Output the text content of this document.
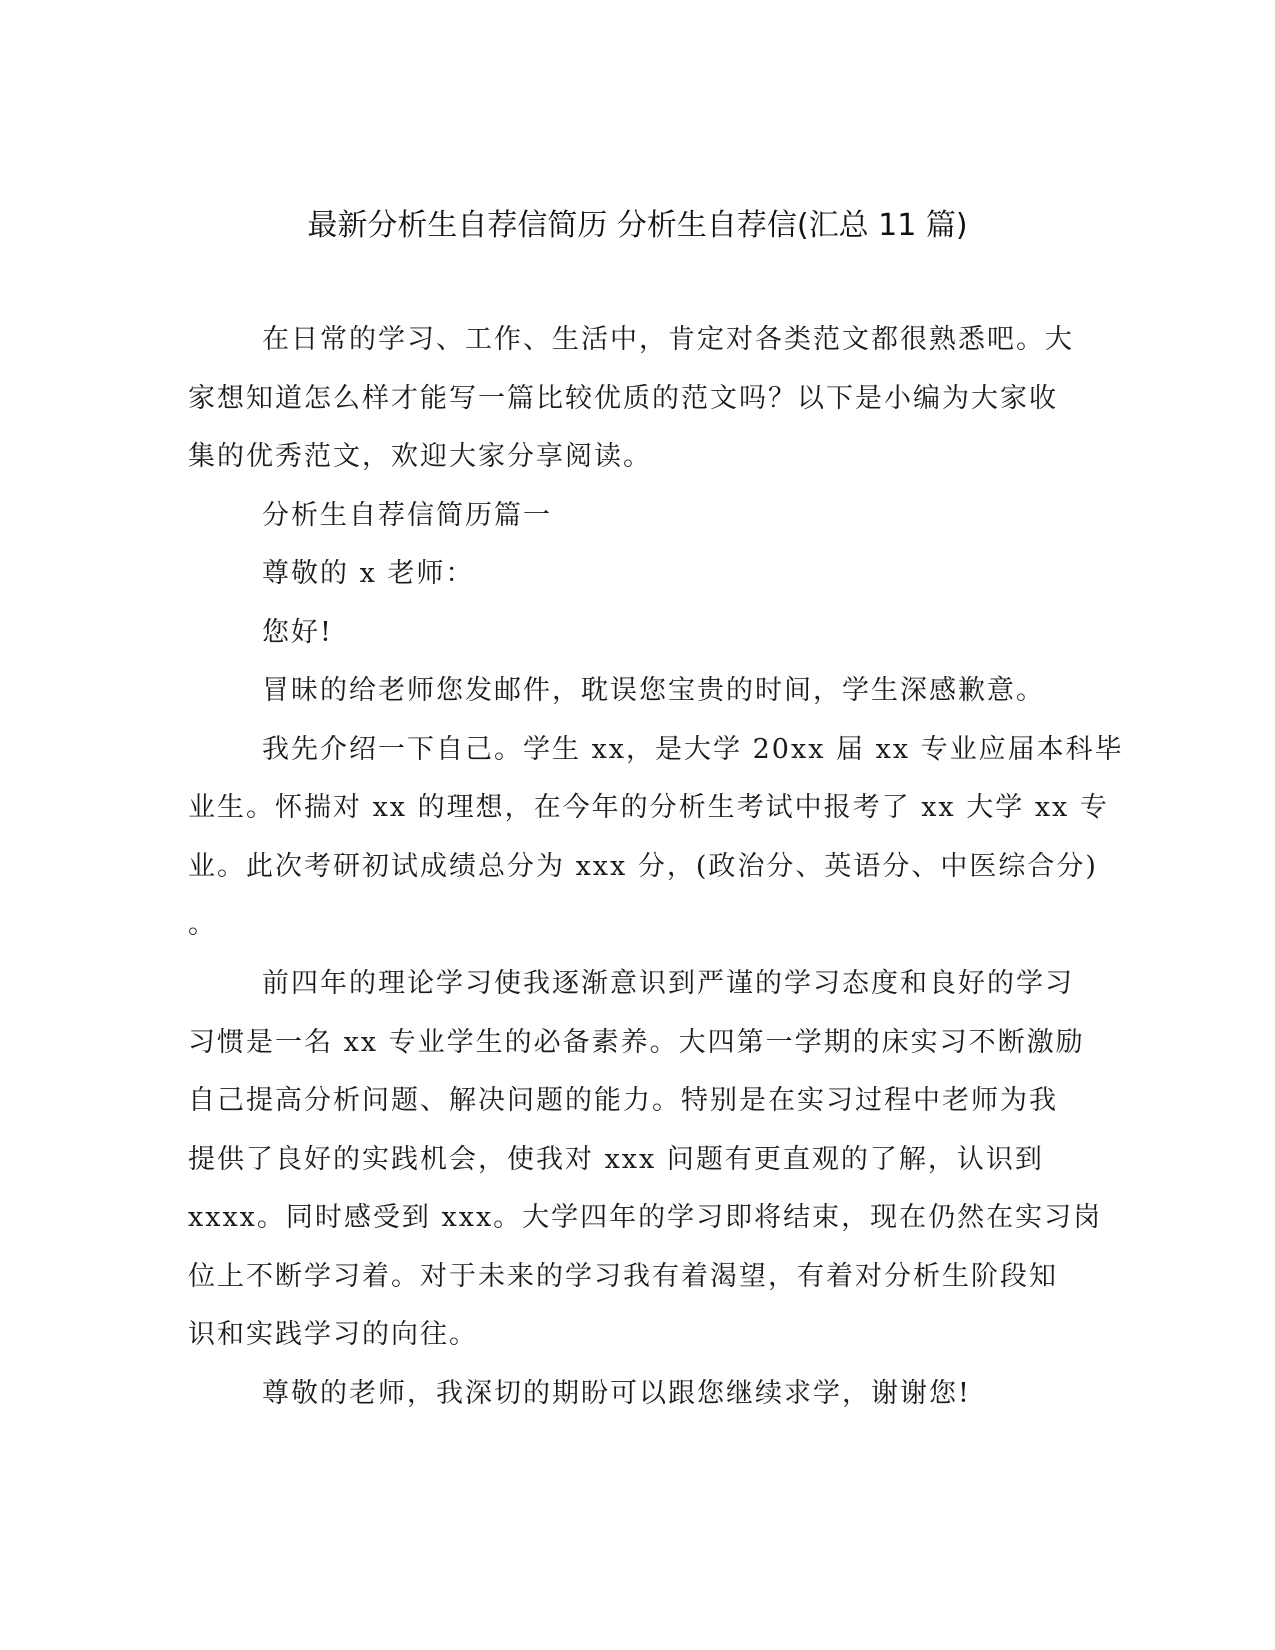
最新分析生自荐信简历 分析生自荐信(汇总 11 篇)
在日常的学习、工作、生活中，肯定对各类范文都很熟悉吧。大
家想知道怎么样才能写一篇比较优质的范文吗？以下是小编为大家收
集的优秀范文，欢迎大家分享阅读。
分析生自荐信简历篇一
尊敬的 x 老师：
您好!
冒昧的给老师您发邮件，耽误您宝贵的时间，学生深感歉意。
我先介绍一下自己。学生 xx，是大学 20xx 届 xx 专业应届本科毕
业生。怀揣对 xx 的理想，在今年的分析生考试中报考了 xx 大学 xx 专
业。此次考研初试成绩总分为 xxx 分，(政治分、英语分、中医综合分)
。
前四年的理论学习使我逐渐意识到严谨的学习态度和良好的学习
习惯是一名 xx 专业学生的必备素养。大四第一学期的床实习不断激励
自己提高分析问题、解决问题的能力。特别是在实习过程中老师为我
提供了良好的实践机会，使我对 xxx 问题有更直观的了解，认识到
xxxx。同时感受到 xxx。大学四年的学习即将结束，现在仍然在实习岗
位上不断学习着。对于未来的学习我有着渴望，有着对分析生阶段知
识和实践学习的向往。
尊敬的老师，我深切的期盼可以跟您继续求学，谢谢您!
